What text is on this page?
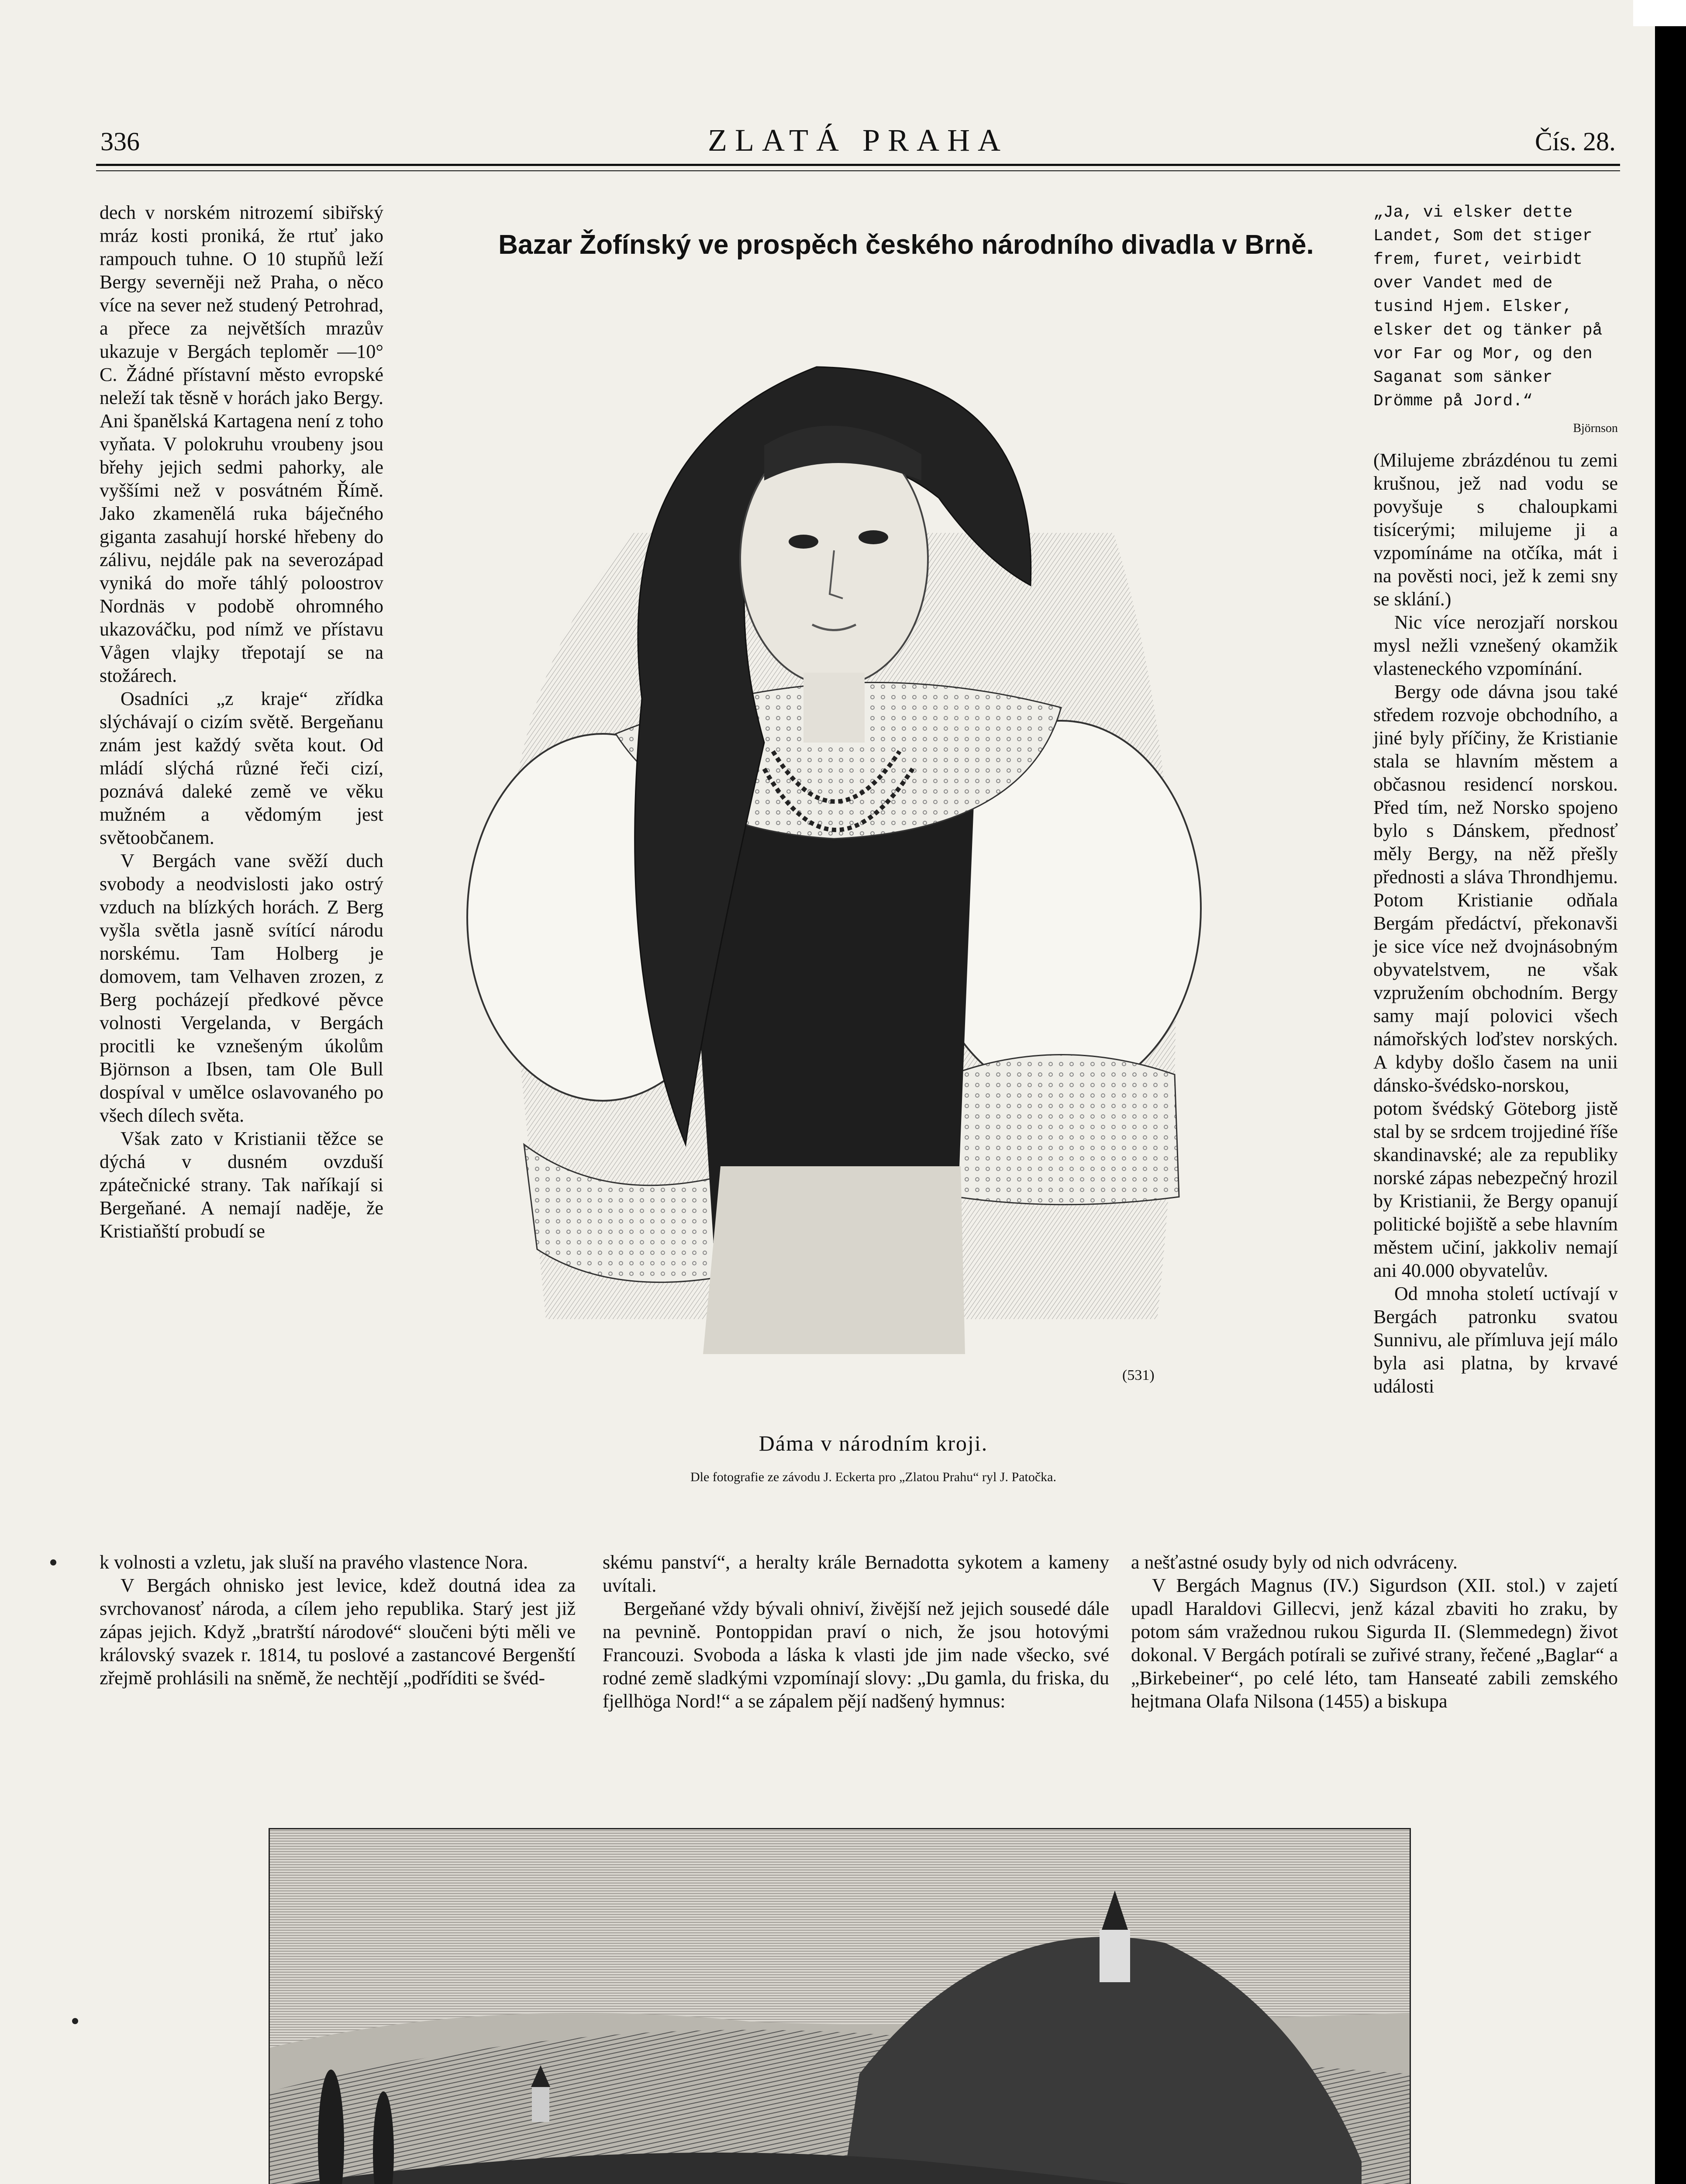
336	ZLATÁ PRAHA	Čís. 28.

dech v norském nitrozemí sibiřský mráz kosti proniká, že rtuť jako rampouch tuhne. O 10 stupňů leží Bergy severněji než Praha, o něco více na sever než studený Petrohrad, a přece za největších mrazův ukazuje v Bergách teploměr —10° C. Žádné přístavní město evropské neleží tak těsně v horách jako Bergy. Ani španělská Kartagena není z toho vyňata. V polokruhu vroubeny jsou břehy jejich sedmi pahorky, ale vyššími než v posvátném Římě. Jako zkamenělá ruka báječného giganta zasahují horské hřebeny do zálivu, nejdále pak na severozápad vyniká do moře táhlý poloostrov Nordnäs v podobě ohromného ukazováčku, pod nímž ve přístavu Vågen vlajky třepotají se na stožárech.

Osadníci „z kraje“ zřídka slýchávají o cizím světě. Bergeňanu znám jest každý světa kout. Od mládí slýchá různé řeči cizí, poznává daleké země ve věku mužném a vědomým jest světoobčanem.

V Bergách vane svěží duch svobody a neodvislosti jako ostrý vzduch na blízkých horách. Z Berg vyšla světla jasně svítící národu norskému. Tam Holberg je domovem, tam Velhaven zrozen, z Berg pocházejí předkové pěvce volnosti Vergelanda, v Bergách procitli ke vznešeným úkolům Björnson a Ibsen, tam Ole Bull dospíval v umělce oslavovaného po všech dílech světa.

Však zato v Kristianii těžce se dýchá v dusném ovzduší zpátečnické strany. Tak naříkají si Bergeňané. A nemají naděje, že Kristiaňští probudí se

Bazar Žofínský ve prospěch českého národního divadla v Brně.
(531)
Dáma v národním kroji.
Dle fotografie ze závodu J. Eckerta pro „Zlatou Prahu“ ryl J. Patočka.
„Ja, vi elsker dette Landet, Som det stiger frem, furet, veirbidt over Vandet med de tusind Hjem. Elsker, elsker det og tänker på vor Far og Mor, og den Saganat som sänker Drömme på Jord.“
Björnson

(Milujeme zbrázdénou tu zemi krušnou, jež nad vodu se povyšuje s chaloupkami tisícerými; milujeme ji a vzpomínáme na otčíka, mát i na pověsti noci, jež k zemi sny se sklání.)

Nic více nerozjaří norskou mysl nežli vznešený okamžik vlasteneckého vzpomínání.

Bergy ode dávna jsou také středem rozvoje obchodního, a jiné byly příčiny, že Kristianie stala se hlavním městem a občasnou residencí norskou. Před tím, než Norsko spojeno bylo s Dánskem, přednosť měly Bergy, na něž přešly přednosti a sláva Throndhjemu. Potom Kristianie odňala Bergám předáctví, překonavši je sice více než dvojnásobným obyvatelstvem, ne však vzpružením obchodním. Bergy samy mají polovici všech námořských loďstev norských. A kdyby došlo časem na unii dánsko-švédsko-norskou, potom švédský Göteborg jistě stal by se srdcem trojjediné říše skandinavské; ale za republiky norské zápas nebezpečný hrozil by Kristianii, že Bergy opanují politické bojiště a sebe hlavním městem učiní, jakkoliv nemají ani 40.000 obyvatelův.

Od mnoha století uctívají v Bergách patronku svatou Sunnivu, ale přímluva její málo byla asi platna, by krvavé události

k volnosti a vzletu, jak sluší na pravého vlastence Nora.

V Bergách ohnisko jest levice, kdež doutná idea za svrchovanosť národa, a cílem jeho republika. Starý jest již zápas jejich. Když „bratrští národové“ sloučeni býti měli ve královský svazek r. 1814, tu poslové a zastancové Bergenští zřejmě prohlásili na sněmě, že nechtějí „podříditi se švéd-

skému panství“, a heralty krále Bernadotta sykotem a kameny uvítali.

Bergeňané vždy bývali ohniví, živější než jejich sousedé dále na pevnině. Pontoppidan praví o nich, že jsou hotovými Francouzi. Svoboda a láska k vlasti jde jim nade všecko, své rodné země sladkými vzpomínají slovy: „Du gamla, du friska, du fjellhöga Nord!“ a se zápalem pějí nadšený hymnus:

a nešťastné osudy byly od nich odvráceny.

V Bergách Magnus (IV.) Sigurdson (XII. stol.) v zajetí upadl Haraldovi Gillecvi, jenž kázal zbaviti ho zraku, by potom sám vražednou rukou Sigurda II. (Slemmedegn) život dokonal. V Bergách potírali se zuřivé strany, řečené „Baglar“ a „Birkebeiner“, po celé léto, tam Hanseaté zabili zemského hejtmana Olafa Nilsona (1455) a biskupa
